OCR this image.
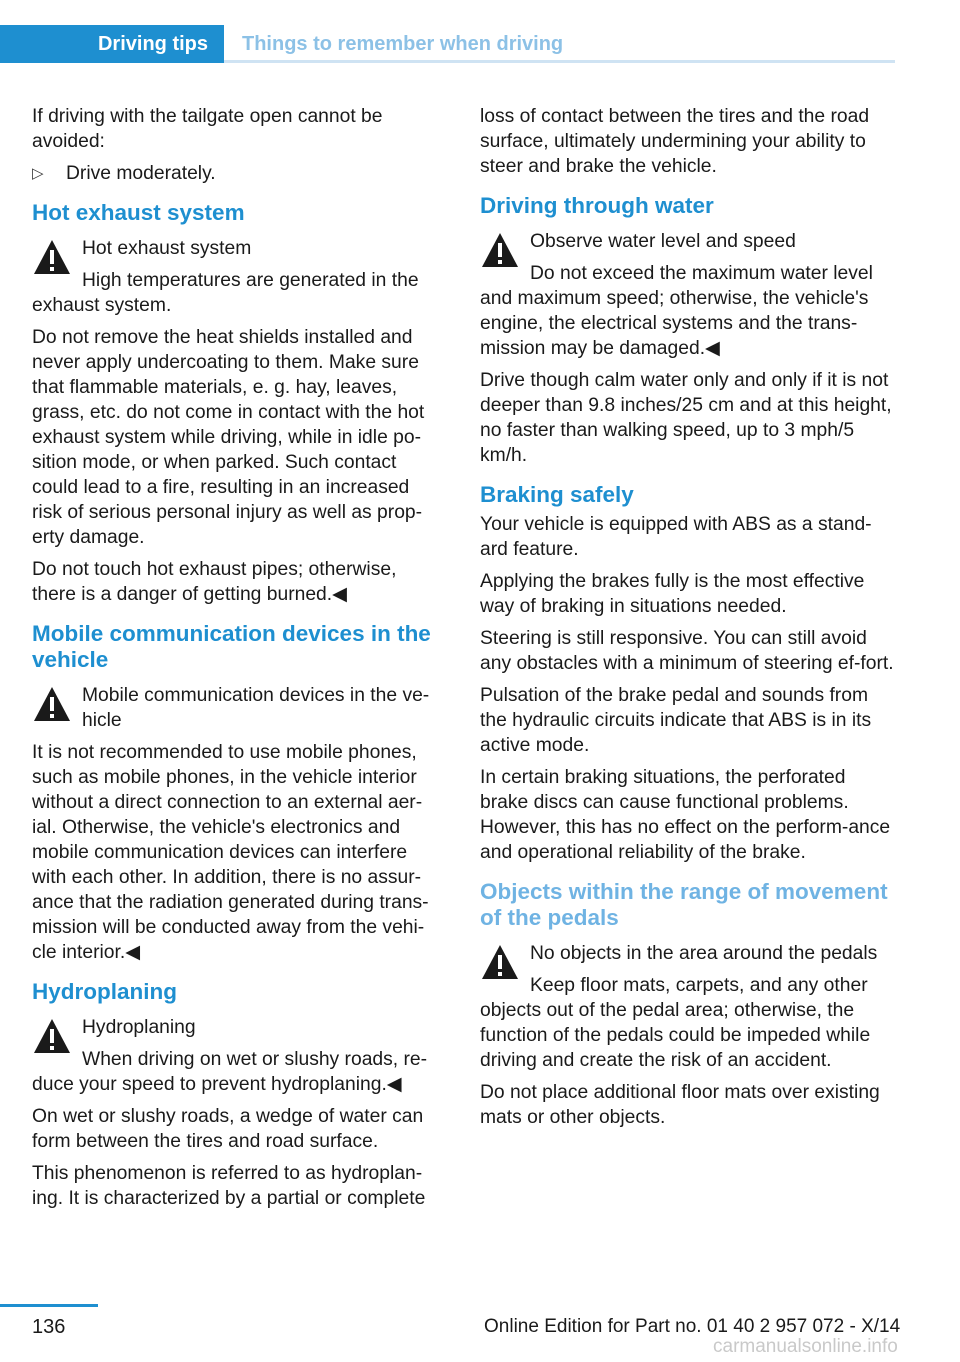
Driving tips Things to remember when driving

If driving with the tailgate open cannot be avoided:

▷	Drive moderately.
Hot exhaust system
Hot exhaust system
High temperatures are generated in the exhaust system.

Do not remove the heat shields installed and never apply undercoating to them. Make sure that flammable materials, e. g. hay, leaves, grass, etc. do not come in contact with the hot exhaust system while driving, while in idle po‐sition mode, or when parked. Such contact could lead to a fire, resulting in an increased risk of serious personal injury as well as prop‐erty damage.

Do not touch hot exhaust pipes; otherwise, there is a danger of getting burned.◀

Mobile communication devices in the vehicle
Mobile communication devices in the ve‐hicle

It is not recommended to use mobile phones, such as mobile phones, in the vehicle interior without a direct connection to an external aer‐ial. Otherwise, the vehicle's electronics and mobile communication devices can interfere with each other. In addition, there is no assur‐ance that the radiation generated during trans‐mission will be conducted away from the vehi‐cle interior.◀

Hydroplaning
Hydroplaning
When driving on wet or slushy roads, re‐duce your speed to prevent hydroplaning.◀

On wet or slushy roads, a wedge of water can form between the tires and road surface.

This phenomenon is referred to as hydroplan‐ing. It is characterized by a partial or complete

loss of contact between the tires and the road surface, ultimately undermining your ability to steer and brake the vehicle.

Driving through water
Observe water level and speed
Do not exceed the maximum water level and maximum speed; otherwise, the vehicle's engine, the electrical systems and the trans‐mission may be damaged.◀

Drive though calm water only and only if it is not deeper than 9.8 inches/25 cm and at this height, no faster than walking speed, up to 3 mph/5 km/h.

Braking safely

Your vehicle is equipped with ABS as a stand‐ard feature.

Applying the brakes fully is the most effective way of braking in situations needed.

Steering is still responsive. You can still avoid any obstacles with a minimum of steering ef‐fort.

Pulsation of the brake pedal and sounds from the hydraulic circuits indicate that ABS is in its active mode.

In certain braking situations, the perforated brake discs can cause functional problems. However, this has no effect on the perform‐ance and operational reliability of the brake.

Objects within the range of movement of the pedals
No objects in the area around the pedals
Keep floor mats, carpets, and any other objects out of the pedal area; otherwise, the function of the pedals could be impeded while driving and create the risk of an accident.

Do not place additional floor mats over existing mats or other objects.

136	Online Edition for Part no. 01 40 2 957 072 - X/14
carmanualsonline.info
